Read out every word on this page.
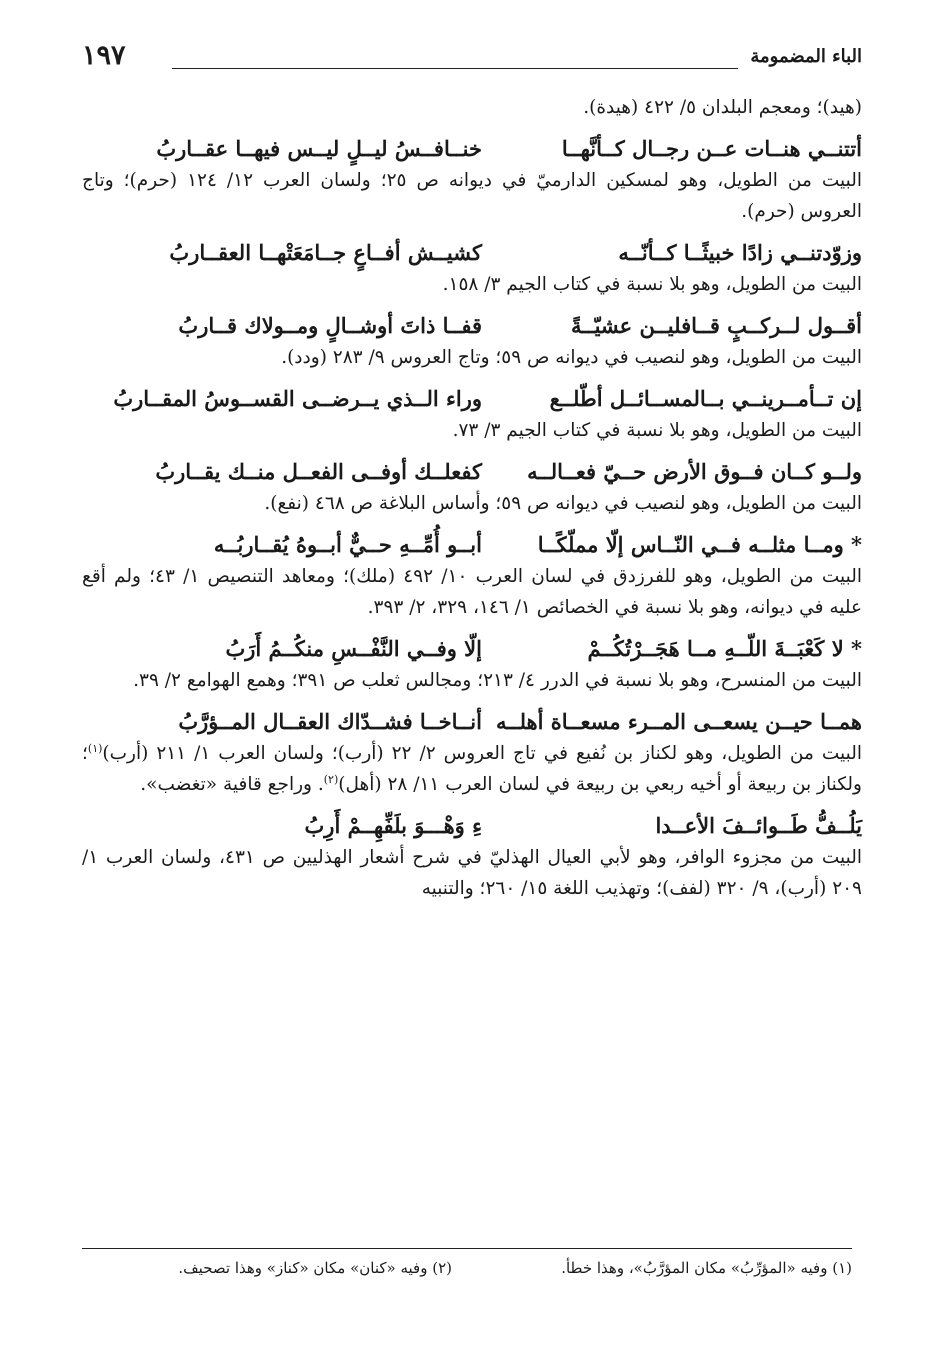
الباء المضمومة
١٩٧

(هيد)؛ ومعجم البلدان ٥/ ٤٢٢ (هيدة).

أتتنــي هنــات عــن رجــال كــأنَّهــا
خنــافــسُ ليــلٍ ليــس فيهــا عقــاربُ

البيت من الطويل، وهو لمسكين الدارميّ في ديوانه ص ٢٥؛ ولسان العرب ١٢/ ١٢٤ (حرم)؛ وتاج العروس (حرم).

وزوّدتنــي زادًا خبيثًــا كــأنّــه
كشيــش أفــاعٍ جــامَعَتْهــا العقــاربُ

البيت من الطويل، وهو بلا نسبة في كتاب الجيم ٣/ ١٥٨.

أقــول لــركــبٍ قــافليــن عشيّــةً
قفــا ذاتَ أوشــالٍ ومــولاك قــاربُ

البيت من الطويل، وهو لنصيب في ديوانه ص ٥٩؛ وتاج العروس ٩/ ٢٨٣ (ودد).

إن تــأمــرينــي بــالمســائــل أطّلــع
وراء الــذي يــرضــى القســوسُ المقــاربُ

البيت من الطويل، وهو بلا نسبة في كتاب الجيم ٣/ ٧٣.

ولــو كــان فــوق الأرض حــيّ فعــالــه
كفعلــك أوفــى الفعــل منــك يقــاربُ

البيت من الطويل، وهو لنصيب في ديوانه ص ٥٩؛ وأساس البلاغة ص ٤٦٨ (نفع).

* ومــا مثلــه فــي النّــاس إلّا مملّكًــا
أبــو أُمِّــهِ حــيٌّ أبــوهُ يُقــاربُــه

البيت من الطويل، وهو للفرزدق في لسان العرب ١٠/ ٤٩٢ (ملك)؛ ومعاهد التنصيص ١/ ٤٣؛ ولم أقع عليه في ديوانه، وهو بلا نسبة في الخصائص ١/ ١٤٦، ٣٢٩، ٢/ ٣٩٣.

* لا كَعْبَــةَ اللّــهِ مــا هَجَــرْتُكُــمْ
إلّا وفــي النَّفْــسِ منكُــمُ أَرَبُ

البيت من المنسرح، وهو بلا نسبة في الدرر ٤/ ٢١٣؛ ومجالس ثعلب ص ٣٩١؛ وهمع الهوامع ٢/ ٣٩.

همــا حيــن يسعــى المــرء مسعــاة أهلــه
أنــاخــا فشــدّاك العقــال المــؤرَّبُ

البيت من الطويل، وهو لكناز بن نُفيع في تاج العروس ٢/ ٢٢ (أرب)؛ ولسان العرب ١/ ٢١١ (أرب)$^{(١)}$؛ ولكناز بن ربيعة أو أخيه ربعي بن ربيعة في لسان العرب ١١/ ٢٨ (أهل)$^{(٢)}$. وراجع قافية «تغضب».

يَلُــفُّ طَــوائــفَ الأعــدا
ءِ وَهْـــوَ بلَفِّهِــمْ أَرِبُ

البيت من مجزوء الوافر، وهو لأبي العيال الهذليّ في شرح أشعار الهذليين ص ٤٣١، ولسان العرب ١/ ٢٠٩ (أرب)، ٩/ ٣٢٠ (لفف)؛ وتهذيب اللغة ١٥/ ٢٦٠؛ والتنبيه

(١) وفيه «المؤرِّبُ» مكان المؤرَّبُ»، وهذا خطأ.
(٢) وفيه «كنان» مكان «كناز» وهذا تصحيف.
